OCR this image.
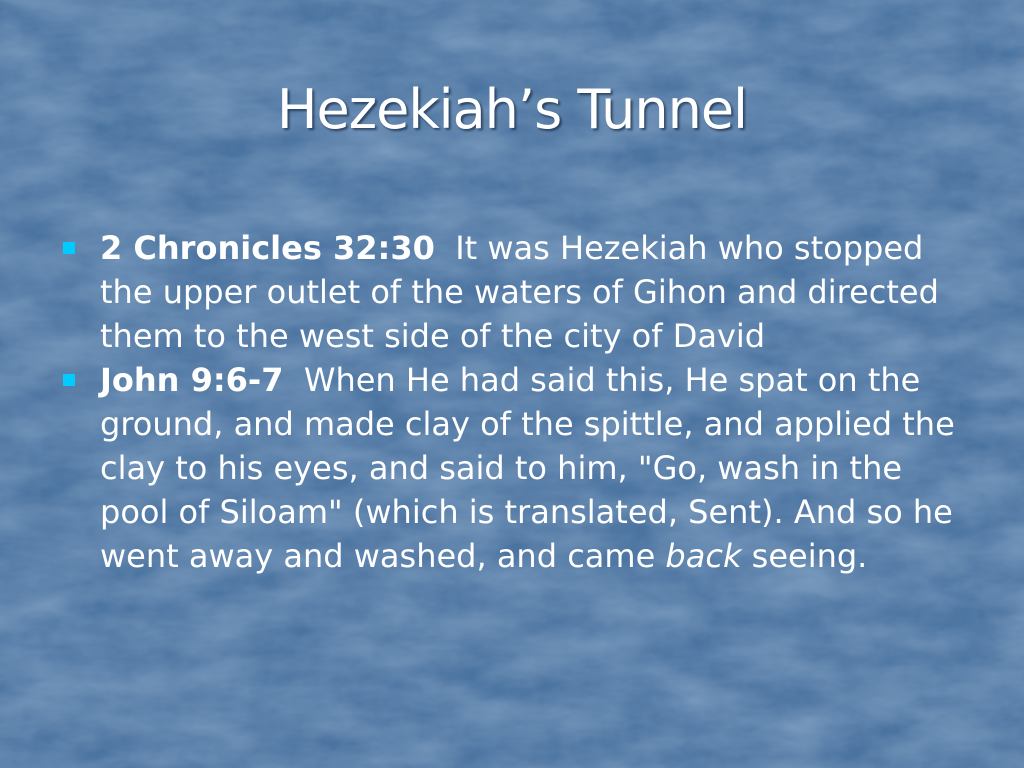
Hezekiah’s Tunnel
2 Chronicles 32:30 It was Hezekiah who stopped the upper outlet of the waters of Gihon and directed them to the west side of the city of David
John 9:6-7 When He had said this, He spat on the ground, and made clay of the spittle, and applied the clay to his eyes, and said to him, "Go, wash in the pool of Siloam" (which is translated, Sent). And so he went away and washed, and came back seeing.
